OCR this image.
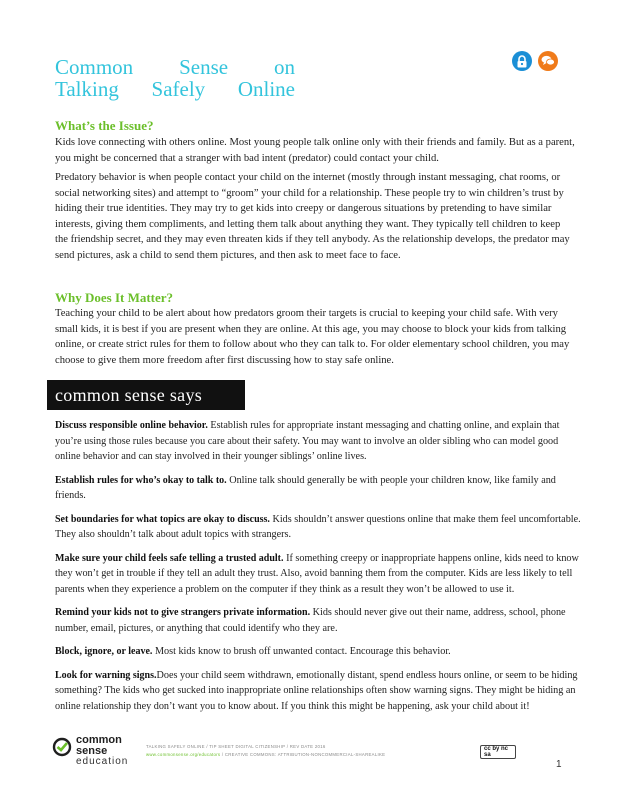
Common Sense on
Talking Safely Online
What’s the Issue?

Kids love connecting with others online. Most young people talk online only with their friends and family. But as a parent, you might be concerned that a stranger with bad intent (predator) could contact your child.

Predatory behavior is when people contact your child on the internet (mostly through instant messaging, chat rooms, or social networking sites) and attempt to “groom” your child for a relationship. These people try to win children’s trust by hiding their true identities. They may try to get kids into creepy or dangerous situations by pretending to have similar interests, giving them compliments, and letting them talk about anything they want. They typically tell children to keep the friendship secret, and they may even threaten kids if they tell anybody. As the relationship develops, the predator may send pictures, ask a child to send them pictures, and then ask to meet face to face.

Why Does It Matter?

Teaching your child to be alert about how predators groom their targets is crucial to keeping your child safe. With very small kids, it is best if you are present when they are online. At this age, you may choose to block your kids from talking online, or create strict rules for them to follow about who they can talk to. For older elementary school children, you may choose to give them more freedom after first discussing how to stay safe online.

common sense says

Discuss responsible online behavior. Establish rules for appropriate instant messaging and chatting online, and explain that you’re using those rules because you care about their safety. You may want to involve an older sibling who can model good online behavior and can stay involved in their younger siblings’ online lives.

Establish rules for who’s okay to talk to. Online talk should generally be with people your children know, like family and friends.

Set boundaries for what topics are okay to discuss. Kids shouldn’t answer questions online that make them feel uncomfortable. They also shouldn’t talk about adult topics with strangers.

Make sure your child feels safe telling a trusted adult. If something creepy or inappropriate happens online, kids need to know they won’t get in trouble if they tell an adult they trust. Also, avoid banning them from the computer. Kids are less likely to tell parents when they experience a problem on the computer if they think as a result they won’t be allowed to use it.

Remind your kids not to give strangers private information. Kids should never give out their name, address, school, phone number, email, pictures, or anything that could identify who they are.

Block, ignore, or leave. Most kids know to brush off unwanted contact. Encourage this behavior.

Look for warning signs.Does your child seem withdrawn, emotionally distant, spend endless hours online, or seem to be hiding something? The kids who get sucked into inappropriate online relationships often show warning signs. They might be hiding an online relationship they don’t want you to know about. If you think this might be happening, ask your child about it!

common
sense
education
TALKING SAFELY ONLINE / TIP SHEET DIGITAL CITIZENSHIP / REV DATE 2016
www.commonsense.org/educators / CREATIVE COMMONS: ATTRIBUTION-NONCOMMERCIAL-SHAREALIKE
cc by nc sa
1
